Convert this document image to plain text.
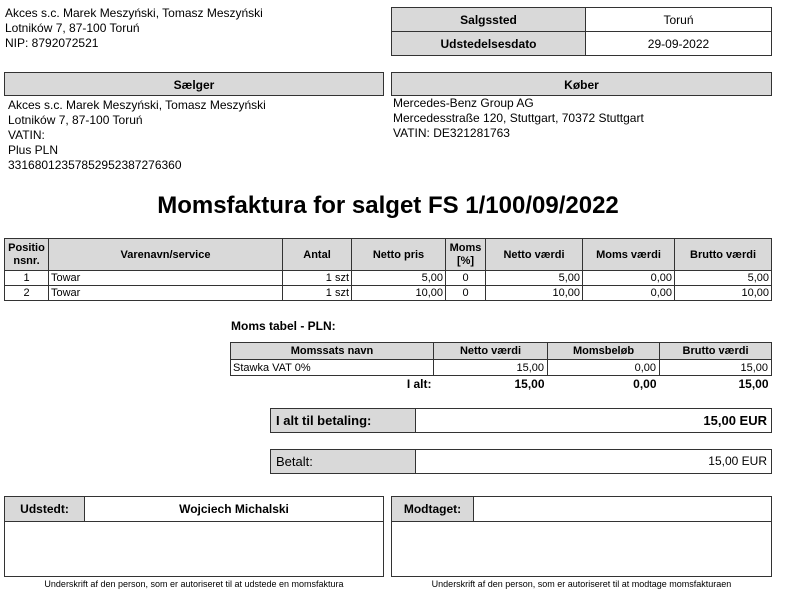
Akces s.c. Marek Meszyński, Tomasz Meszyński
Lotników 7, 87-100 Toruń
NIP: 8792072521
Salgssted	Toruń
Udstedelsesdato	29-09-2022
Sælger
Akces s.c. Marek Meszyński, Tomasz Meszyński
Lotników 7, 87-100 Toruń
VATIN:
Plus PLN
33168012357852952387276360
Køber
Mercedes-Benz Group AG
Mercedesstraße 120, Stuttgart, 70372 Stuttgart
VATIN: DE321281763
Momsfaktura for salget FS 1/100/09/2022
Positio nsnr.	Varenavn/service	Antal	Netto pris	Moms [%]	Netto værdi	Moms værdi	Brutto værdi
1	Towar	1 szt	5,00	0	5,00	0,00	5,00
2	Towar	1 szt	10,00	0	10,00	0,00	10,00
Moms tabel - PLN:
Momssats navn	Netto værdi	Momsbeløb	Brutto værdi
Stawka VAT 0%	15,00	0,00	15,00
I alt:	15,00	0,00	15,00
I alt til betaling:	15,00 EUR
Betalt:	15,00 EUR
Udstedt:	Wojciech Michalski
Underskrift af den person, som er autoriseret til at udstede en momsfaktura
Modtaget:
Underskrift af den person, som er autoriseret til at modtage momsfakturaen
